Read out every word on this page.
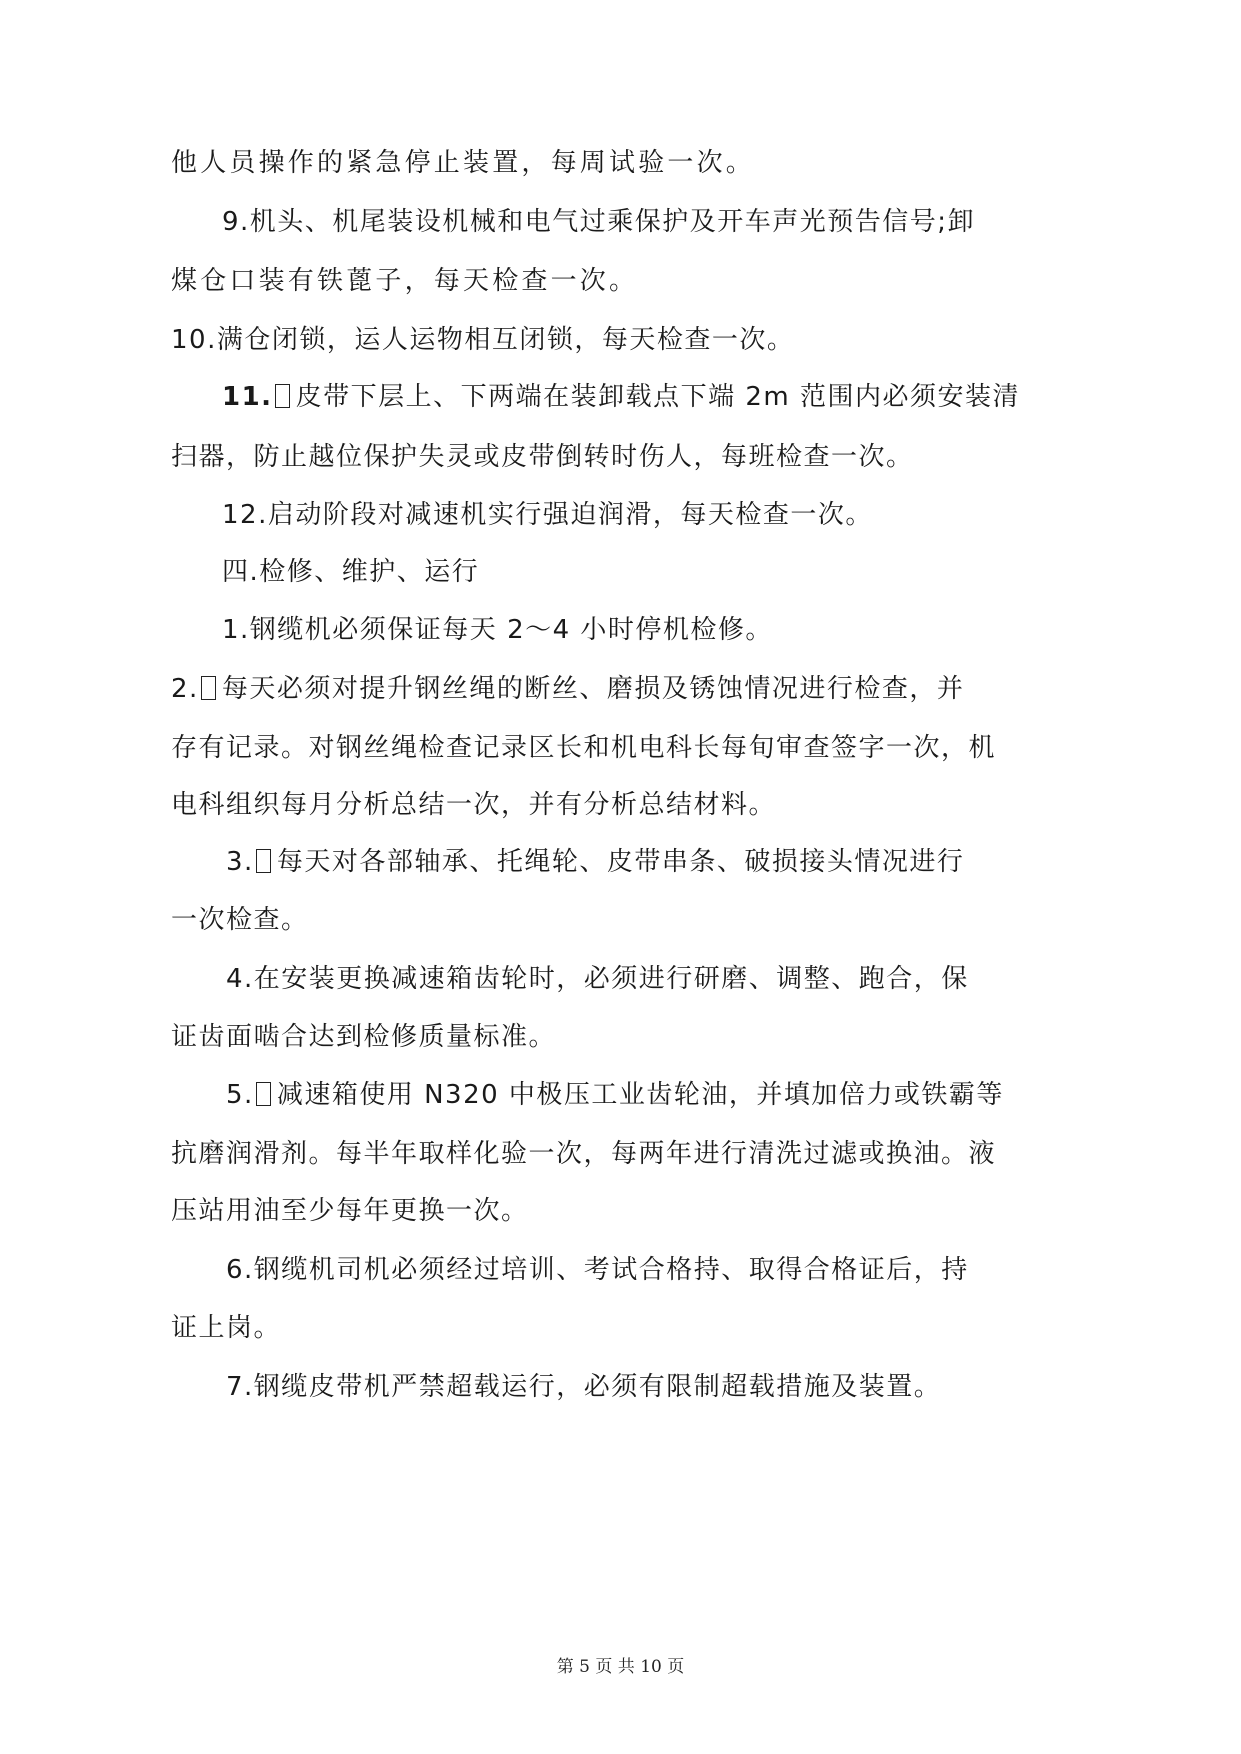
他人员操作的紧急停止装置，每周试验一次。
9.机头、机尾装设机械和电气过乘保护及开车声光预告信号;卸
煤仓口装有铁蓖子，每天检查一次。
10.满仓闭锁，运人运物相互闭锁，每天检查一次。
11. 皮带下层上、下两端在装卸载点下端 2m 范围内必须安装清
扫器，防止越位保护失灵或皮带倒转时伤人，每班检查一次。
12.启动阶段对减速机实行强迫润滑，每天检查一次。
四.检修、维护、运行
1.钢缆机必须保证每天 2～4 小时停机检修。
2. 每天必须对提升钢丝绳的断丝、磨损及锈蚀情况进行检查，并
存有记录。对钢丝绳检查记录区长和机电科长每旬审查签字一次，机
电科组织每月分析总结一次，并有分析总结材料。
3. 每天对各部轴承、托绳轮、皮带串条、破损接头情况进行
一次检查。
4.在安装更换减速箱齿轮时，必须进行研磨、调整、跑合，保
证齿面啮合达到检修质量标准。
5. 减速箱使用 N320 中极压工业齿轮油，并填加倍力或铁霸等
抗磨润滑剂。每半年取样化验一次，每两年进行清洗过滤或换油。液
压站用油至少每年更换一次。
6.钢缆机司机必须经过培训、考试合格持、取得合格证后，持
证上岗。
7.钢缆皮带机严禁超载运行，必须有限制超载措施及装置。
第 5 页 共 10 页
